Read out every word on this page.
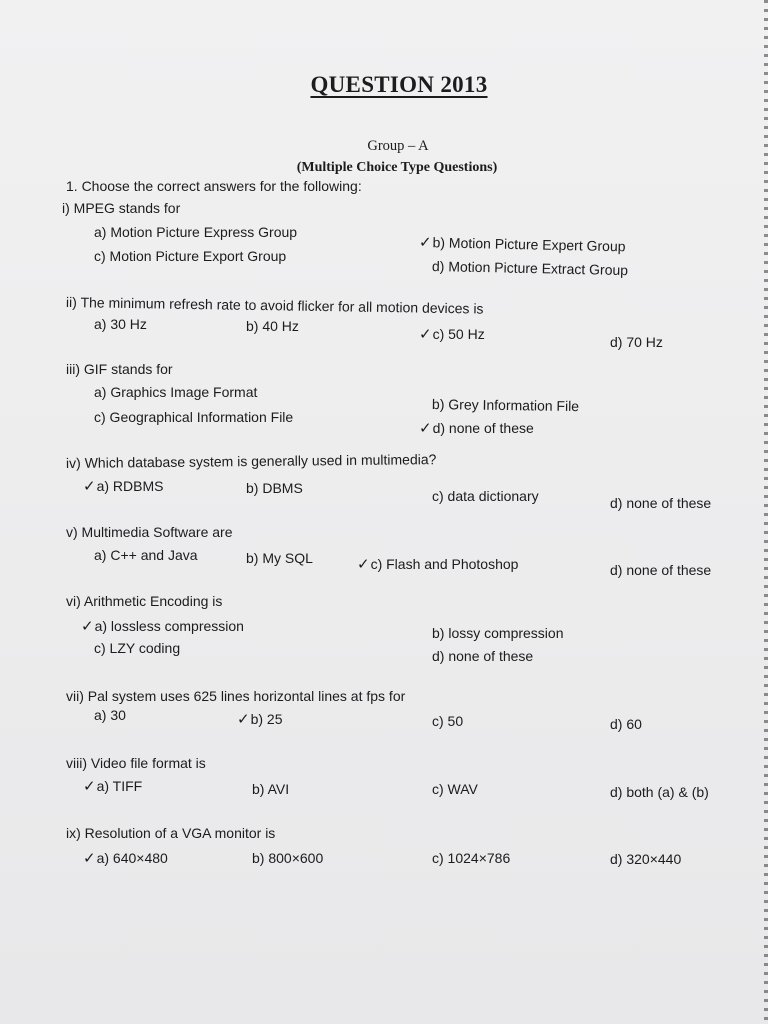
QUESTION 2013
Group – A
(Multiple Choice Type Questions)
1. Choose the correct answers for the following:
i) MPEG stands for
a) Motion Picture Express Group
✓b) Motion Picture Expert Group
c) Motion Picture Export Group
d) Motion Picture Extract Group
ii) The minimum refresh rate to avoid flicker for all motion devices is
a) 30 Hz	b) 40 Hz	✓c) 50 Hz	d) 70 Hz
iii) GIF stands for
a) Graphics Image Format
b) Grey Information File
c) Geographical Information File
✓d) none of these
iv) Which database system is generally used in multimedia?
✓a) RDBMS	b) DBMS	c) data dictionary	d) none of these
v) Multimedia Software are
a) C++ and Java	b) My SQL	✓c) Flash and Photoshop	d) none of these
vi) Arithmetic Encoding is
✓a) lossless compression	b) lossy compression
c) LZY coding	d) none of these
vii) Pal system uses 625 lines horizontal lines at fps for
a) 30	✓b) 25	c) 50	d) 60
viii) Video file format is
✓a) TIFF	b) AVI	c) WAV	d) both (a) & (b)
ix) Resolution of a VGA monitor is
✓a) 640×480	b) 800×600	c) 1024×786	d) 320×440
